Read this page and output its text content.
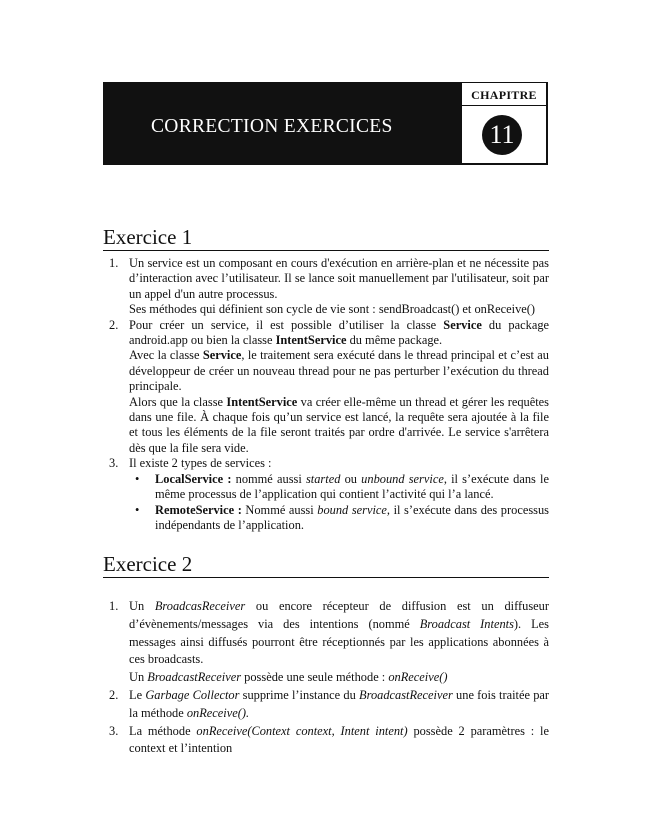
CORRECTION EXERCICES
CHAPITRE
11
Exercice 1
1. Un service est un composant en cours d'exécution en arrière-plan et ne nécessite pas d’interaction avec l’utilisateur. Il se lance soit manuellement par l'utilisateur, soit par un appel d'un autre processus.

Ses méthodes qui définient son cycle de vie sont : sendBroadcast() et onReceive()

2. Pour créer un service, il est possible d’utiliser la classe Service du package android.app ou bien la classe IntentService du même package.

Avec la classe Service, le traitement sera exécuté dans le thread principal et c’est au développeur de créer un nouveau thread pour ne pas perturber l’exécution du thread principale.

Alors que la classe IntentService va créer elle-même un thread et gérer les requêtes dans une file. À chaque fois qu’un service est lancé, la requête sera ajoutée à la file et tous les éléments de la file seront traités par ordre d'arrivée. Le service s'arrêtera dès que la file sera vide.

3. Il existe 2 types de services :

• LocalService : nommé aussi started ou unbound service, il s’exécute dans le même processus de l’application qui contient l’activité qui l’a lancé.
• RemoteService : Nommé aussi bound service, il s’exécute dans des processus indépendants de l’application.
Exercice 2
1. Un BroadcasReceiver ou encore récepteur de diffusion est un diffuseur d’évènements/messages via des intentions (nommé Broadcast Intents). Les messages ainsi diffusés pourront être réceptionnés par les applications abonnées à ces broadcasts.

Un BroadcastReceiver possède une seule méthode : onReceive()

2. Le Garbage Collector supprime l’instance du BroadcastReceiver une fois traitée par la méthode onReceive().

3. La méthode onReceive(Context context, Intent intent) possède 2 paramètres : le context et l’intention
